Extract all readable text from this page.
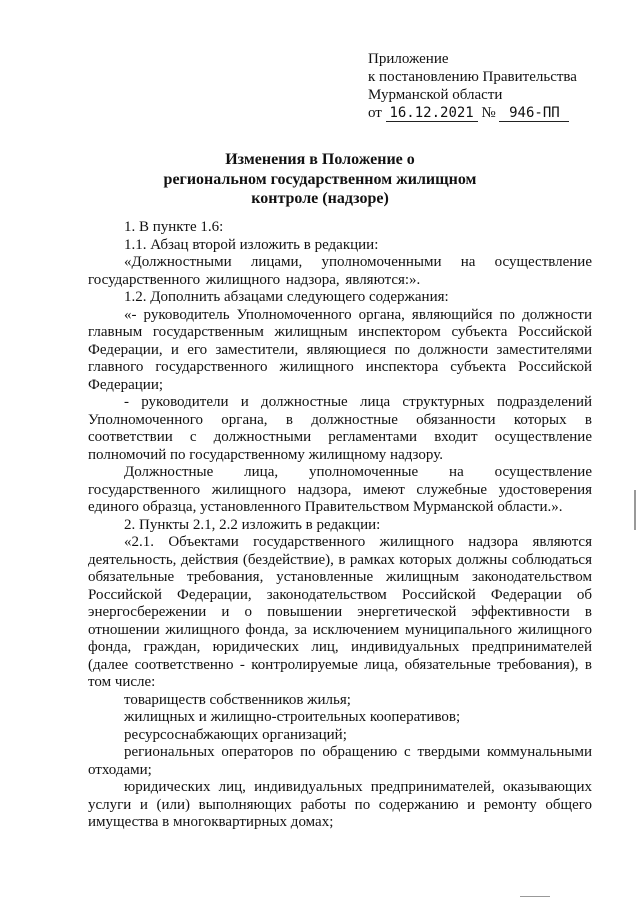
Приложение
к постановлению Правительства
Мурманской области
от 16.12.2021 № 946-ПП
Изменения в Положение о
региональном государственном жилищном
контроле (надзоре)

1. В пункте 1.6:

1.1. Абзац второй изложить в редакции:

«Должностными лицами, уполномоченными на осуществление государственного жилищного надзора, являются:».

1.2. Дополнить абзацами следующего содержания:

«- руководитель Уполномоченного органа, являющийся по должности главным государственным жилищным инспектором субъекта Российской Федерации, и его заместители, являющиеся по должности заместителями главного государственного жилищного инспектора субъекта Российской Федерации;

- руководители и должностные лица структурных подразделений Уполномоченного органа, в должностные обязанности которых в соответствии с должностными регламентами входит осуществление полномочий по государственному жилищному надзору.

Должностные лица, уполномоченные на осуществление государственного жилищного надзора, имеют служебные удостоверения единого образца, установленного Правительством Мурманской области.».

2. Пункты 2.1, 2.2 изложить в редакции:

«2.1. Объектами государственного жилищного надзора являются деятельность, действия (бездействие), в рамках которых должны соблюдаться обязательные требования, установленные жилищным законодательством Российской Федерации, законодательством Российской Федерации об энергосбережении и о повышении энергетической эффективности в отношении жилищного фонда, за исключением муниципального жилищного фонда, граждан, юридических лиц, индивидуальных предпринимателей (далее соответственно - контролируемые лица, обязательные требования), в том числе:

товариществ собственников жилья;

жилищных и жилищно-строительных кооперативов;

ресурсоснабжающих организаций;

региональных операторов по обращению с твердыми коммунальными отходами;

юридических лиц, индивидуальных предпринимателей, оказывающих услуги и (или) выполняющих работы по содержанию и ремонту общего имущества в многоквартирных домах;
